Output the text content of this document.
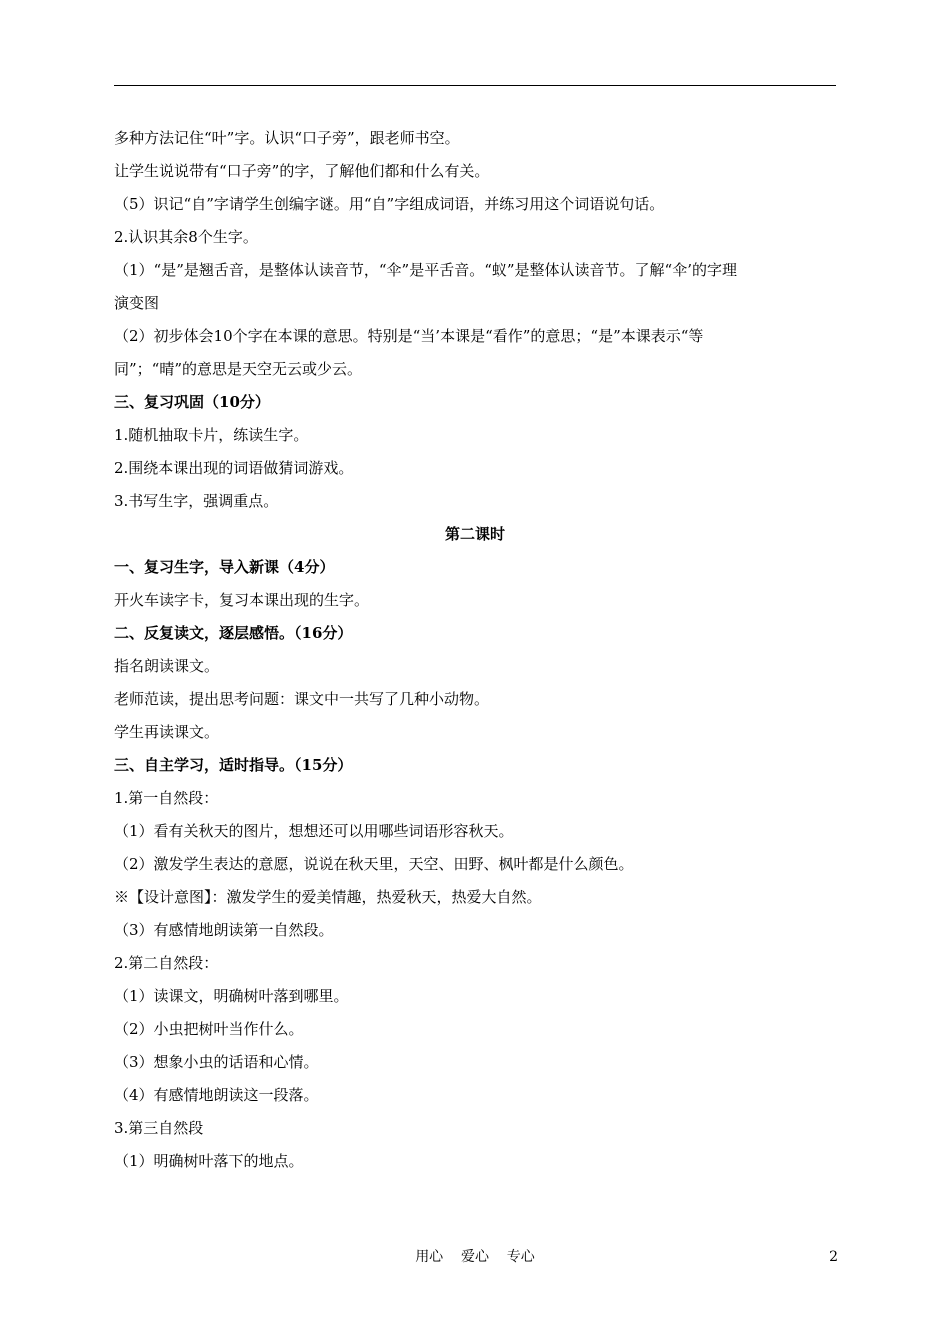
多种方法记住“叶”字。认识“口子旁”，跟老师书空。
让学生说说带有“口子旁”的字，了解他们都和什么有关。
（5）识记“自”字请学生创编字谜。用“自”字组成词语，并练习用这个词语说句话。
2.认识其余8个生字。
（1）“是”是翘舌音，是整体认读音节，“伞”是平舌音。“蚁”是整体认读音节。了解“伞’的字理
演变图
（2）初步体会10个字在本课的意思。特别是“当’本课是“看作”的意思；“是”本课表示“等
同”；“晴”的意思是天空无云或少云。
三、复习巩固（10分）
1.随机抽取卡片，练读生字。
2.围绕本课出现的词语做猜词游戏。
3.书写生字，强调重点。
第二课时
一、复习生字，导入新课（4分）
开火车读字卡，复习本课出现的生字。
二、反复读文，逐层感悟。（16分）
指名朗读课文。
老师范读，提出思考问题：课文中一共写了几种小动物。
学生再读课文。
三、自主学习，适时指导。（15分）
1.第一自然段：
（1）看有关秋天的图片，想想还可以用哪些词语形容秋天。
（2）激发学生表达的意愿，说说在秋天里，天空、田野、枫叶都是什么颜色。
※【设计意图】：激发学生的爱美情趣，热爱秋天，热爱大自然。
（3）有感情地朗读第一自然段。
2.第二自然段：
（1）读课文，明确树叶落到哪里。
（2）小虫把树叶当作什么。
（3）想象小虫的话语和心情。
（4）有感情地朗读这一段落。
3.第三自然段
（1）明确树叶落下的地点。
用心    爱心    专心	2
